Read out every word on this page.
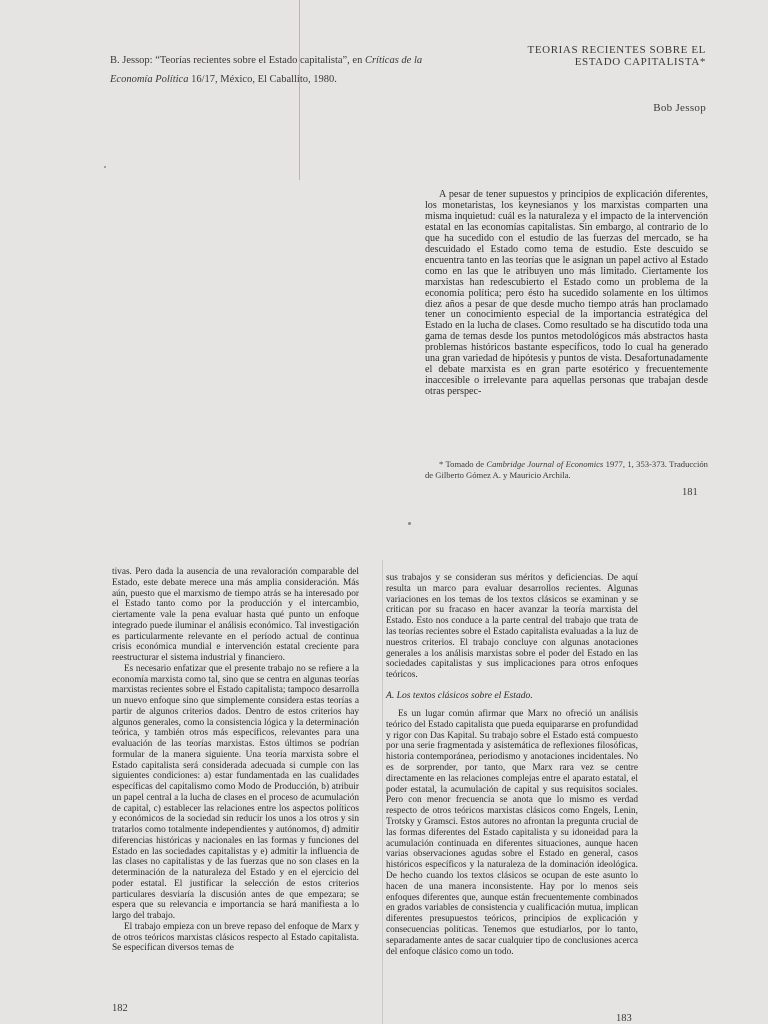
B. Jessop: “Teorías recientes sobre el Estado capitalista”, en Críticas de la
Economía Política 16/17, México, El Caballito, 1980.
TEORIAS RECIENTES SOBRE EL
ESTADO CAPITALISTA*
Bob Jessop
A pesar de tener supuestos y principios de explicación diferentes, los monetaristas, los keynesianos y los marxistas comparten una misma inquietud: cuál es la naturaleza y el impacto de la intervención estatal en las economías capitalistas. Sin embargo, al contrario de lo que ha sucedido con el estudio de las fuerzas del mercado, se ha descuidado el Estado como tema de estudio. Este descuido se encuentra tanto en las teorías que le asignan un papel activo al Estado como en las que le atribuyen uno más limitado. Ciertamente los marxistas han redescubierto el Estado como un problema de la economía política; pero ésto ha sucedido solamente en los últimos diez años a pesar de que desde mucho tiempo atrás han proclamado tener un conocimiento especial de la importancia estratégica del Estado en la lucha de clases. Como resultado se ha discutido toda una gama de temas desde los puntos metodológicos más abstractos hasta problemas históricos bastante específicos, todo lo cual ha generado una gran variedad de hipótesis y puntos de vista. Desafortunadamente el debate marxista es en gran parte esotérico y frecuentemente inaccesible o irrelevante para aquellas personas que trabajan desde otras perspec-
* Tomado de Cambridge Journal of Economics 1977, 1, 353-373. Traducción de Gilberto Gómez A. y Mauricio Archila.
181

tivas. Pero dada la ausencia de una revaloración comparable del Estado, este debate merece una más amplia consideración. Más aún, puesto que el marxismo de tiempo atrás se ha interesado por el Estado tanto como por la producción y el intercambio, ciertamente vale la pena evaluar hasta qué punto un enfoque integrado puede iluminar el análisis económico. Tal investigación es particularmente relevante en el período actual de continua crisis económica mundial e intervención estatal creciente para reestructurar el sistema industrial y financiero.

Es necesario enfatizar que el presente trabajo no se refiere a la economía marxista como tal, sino que se centra en algunas teorías marxistas recientes sobre el Estado capitalista; tampoco desarrolla un nuevo enfoque sino que simplemente considera estas teorías a partir de algunos criterios dados. Dentro de estos criterios hay algunos generales, como la consistencia lógica y la determinación teórica, y también otros más específicos, relevantes para una evaluación de las teorías marxistas. Estos últimos se podrían formular de la manera siguiente. Una teoría marxista sobre el Estado capitalista será considerada adecuada si cumple con las siguientes condiciones: a) estar fundamentada en las cualidades específicas del capitalismo como Modo de Producción, b) atribuir un papel central a la lucha de clases en el proceso de acumulación de capital, c) establecer las relaciones entre los aspectos políticos y económicos de la sociedad sin reducir los unos a los otros y sin tratarlos como totalmente independientes y autónomos, d) admitir diferencias históricas y nacionales en las formas y funciones del Estado en las sociedades capitalistas y e) admitir la influencia de las clases no capitalistas y de las fuerzas que no son clases en la determinación de la naturaleza del Estado y en el ejercicio del poder estatal. El justificar la selección de estos criterios particulares desviaría la discusión antes de que empezara; se espera que su relevancia e importancia se hará manifiesta a lo largo del trabajo.

El trabajo empieza con un breve repaso del enfoque de Marx y de otros teóricos marxistas clásicos respecto al Estado capitalista. Se especifican diversos temas de

sus trabajos y se consideran sus méritos y deficiencias. De aquí resulta un marco para evaluar desarrollos recientes. Algunas variaciones en los temas de los textos clásicos se examinan y se critican por su fracaso en hacer avanzar la teoría marxista del Estado. Esto nos conduce a la parte central del trabajo que trata de las teorías recientes sobre el Estado capitalista evaluadas a la luz de nuestros criterios. El trabajo concluye con algunas anotaciones generales a los análisis marxistas sobre el poder del Estado en las sociedades capitalistas y sus implicaciones para otros enfoques teóricos.

A. Los textos clásicos sobre el Estado.

Es un lugar común afirmar que Marx no ofreció un análisis teórico del Estado capitalista que pueda equipararse en profundidad y rigor con Das Kapital. Su trabajo sobre el Estado está compuesto por una serie fragmentada y asistemática de reflexiones filosóficas, historia contemporánea, periodismo y anotaciones incidentales. No es de sorprender, por tanto, que Marx rara vez se centre directamente en las relaciones complejas entre el aparato estatal, el poder estatal, la acumulación de capital y sus requisitos sociales. Pero con menor frecuencia se anota que lo mismo es verdad respecto de otros teóricos marxistas clásicos como Engels, Lenin, Trotsky y Gramsci. Estos autores no afrontan la pregunta crucial de las formas diferentes del Estado capitalista y su idoneidad para la acumulación continuada en diferentes situaciones, aunque hacen varias observaciones agudas sobre el Estado en general, casos históricos específicos y la naturaleza de la dominación ideológica. De hecho cuando los textos clásicos se ocupan de este asunto lo hacen de una manera inconsistente. Hay por lo menos seis enfoques diferentes que, aunque están frecuentemente combinados en grados variables de consistencia y cualificación mutua, implican diferentes presupuestos teóricos, principios de explicación y consecuencias políticas. Tenemos que estudiarlos, por lo tanto, separadamente antes de sacar cualquier tipo de conclusiones acerca del enfoque clásico como un todo.

182
183
